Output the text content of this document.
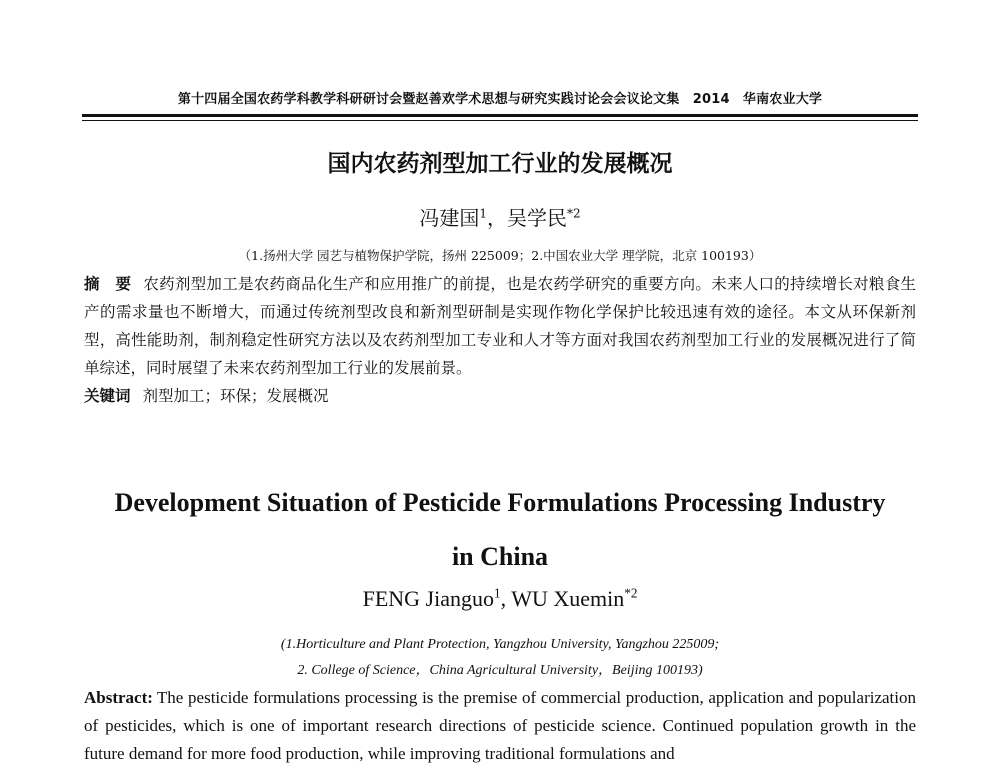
第十四届全国农药学科教学科研研讨会暨赵善欢学术思想与研究实践讨论会会议论文集　2014　华南农业大学
国内农药剂型加工行业的发展概况
冯建国$^1$，吴学民$^{*2}$
（1.扬州大学 园艺与植物保护学院，扬州 225009；2.中国农业大学 理学院，北京 100193）
摘　要 农药剂型加工是农药商品化生产和应用推广的前提，也是农药学研究的重要方向。未来人口的持续增长对粮食生产的需求量也不断增大，而通过传统剂型改良和新剂型研制是实现作物化学保护比较迅速有效的途径。本文从环保新剂型，高性能助剂，制剂稳定性研究方法以及农药剂型加工专业和人才等方面对我国农药剂型加工行业的发展概况进行了简单综述，同时展望了未来农药剂型加工行业的发展前景。
关键词 剂型加工；环保；发展概况
Development Situation of Pesticide Formulations Processing Industry
in China
FENG Jianguo$^1$, WU Xuemin$^{*2}$
(1.Horticulture and Plant Protection, Yangzhou University, Yangzhou 225009;
2. College of Science，China Agricultural University，Beijing 100193)
Abstract: The pesticide formulations processing is the premise of commercial production, application and popularization of pesticides, which is one of important research directions of pesticide science. Continued population growth in the future demand for more food production, while improving traditional formulations and
